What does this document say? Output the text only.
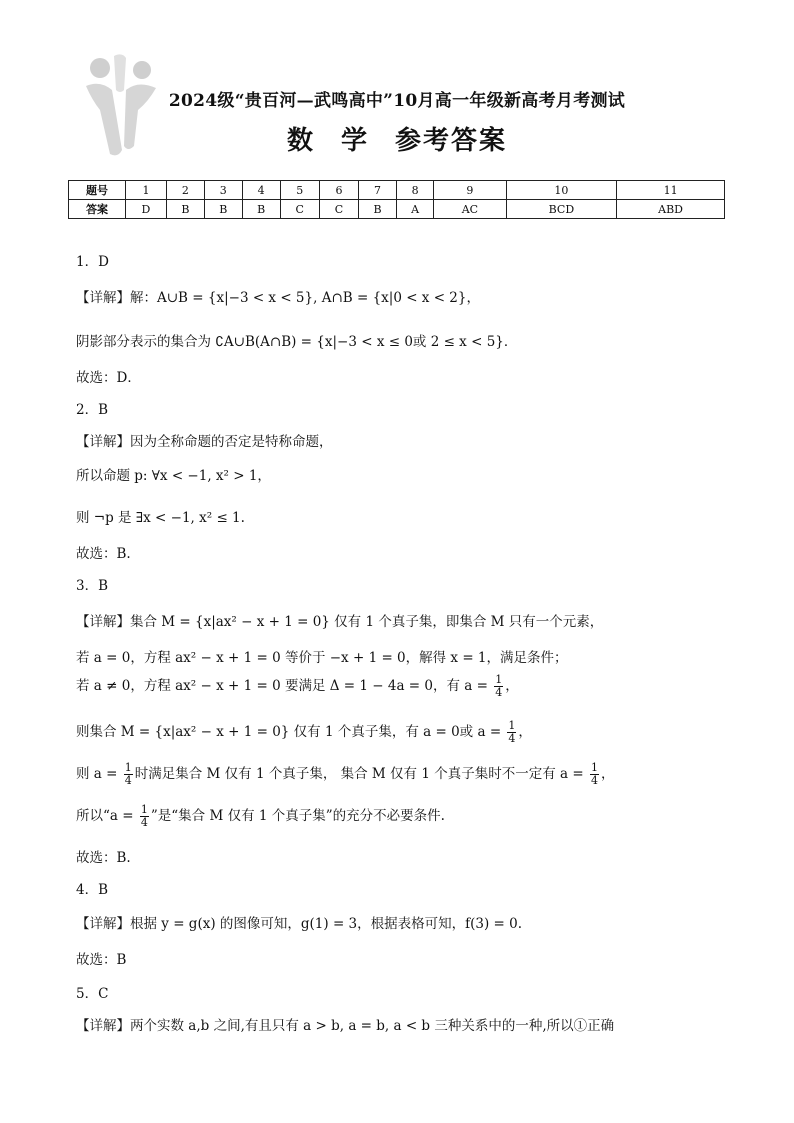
2024级“贵百河—武鸣高中”10月高一年级新高考月考测试
数 学 参考答案
题号	1	2	3	4	5	6	7	8	9	10	11
答案	D	B	B	B	C	C	B	A	AC	BCD	ABD
1．D
【详解】解：A∪B = {x|−3 < x < 5}, A∩B = {x|0 < x < 2}，
阴影部分表示的集合为 ∁A∪B(A∩B) = {x|−3 < x ≤ 0或 2 ≤ x < 5}．
故选：D．
2．B
【详解】因为全称命题的否定是特称命题，
所以命题 p: ∀x < −1, x² > 1，
则 ¬p 是 ∃x < −1, x² ≤ 1.
故选：B.
3．B
【详解】集合 M = {x|ax² − x + 1 = 0} 仅有 1 个真子集，即集合 M 只有一个元素，
若 a = 0，方程 ax² − x + 1 = 0 等价于 −x + 1 = 0，解得 x = 1，满足条件；
若 a ≠ 0，方程 ax² − x + 1 = 0 要满足 Δ = 1 − 4a = 0，有 $a = \frac{1}{4}$ ，
则集合 M = {x|ax² − x + 1 = 0} 仅有 1 个真子集，有 a = 0或 $a = \frac{1}{4}$ ，
则 $a = \frac{1}{4}$ 时满足集合 M 仅有 1 个真子集， 集合 M 仅有 1 个真子集时不一定有 $a = \frac{1}{4}$ ，
所以“$a = \frac{1}{4}$ ”是“集合 M 仅有 1 个真子集”的充分不必要条件.
故选：B.
4．B
【详解】根据 y = g(x) 的图像可知，g(1) = 3，根据表格可知，f(3) = 0.
故选：B
5．C
【详解】两个实数 a,b 之间,有且只有 a > b, a = b, a < b 三种关系中的一种,所以①正确
